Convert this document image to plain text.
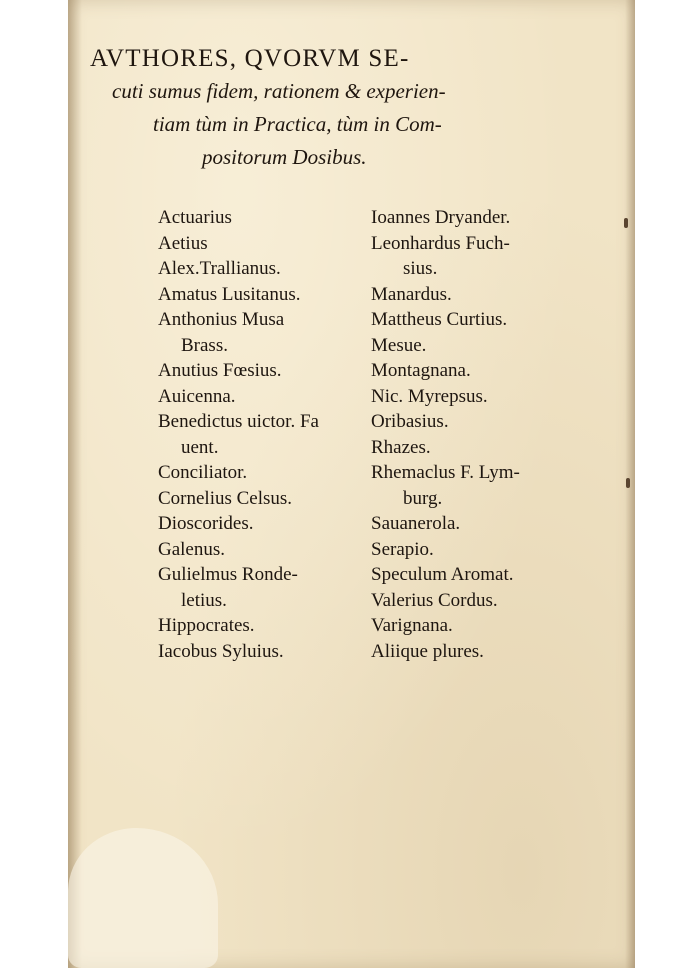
AVTHORES, QVORVM SE-
cuti sumus fidem, rationem & experien-
tiam tùm in Practica, tùm in Com-
positorum Dosibus.
Actuarius
Aetius
Alex.Trallianus.
Amatus Lusitanus.
Anthonius Musa
Brass.
Anutius Fœsius.
Auicenna.
Benedictus uictor. Fa
uent.
Conciliator.
Cornelius Celsus.
Dioscorides.
Galenus.
Gulielmus Ronde-
letius.
Hippocrates.
Iacobus Syluius.
Ioannes Dryander.
Leonhardus Fuch-
sius.
Manardus.
Mattheus Curtius.
Mesue.
Montagnana.
Nic. Myrepsus.
Oribasius.
Rhazes.
Rhemaclus F. Lym-
burg.
Sauanerola.
Serapio.
Speculum Aromat.
Valerius Cordus.
Varignana.
Aliique plures.
